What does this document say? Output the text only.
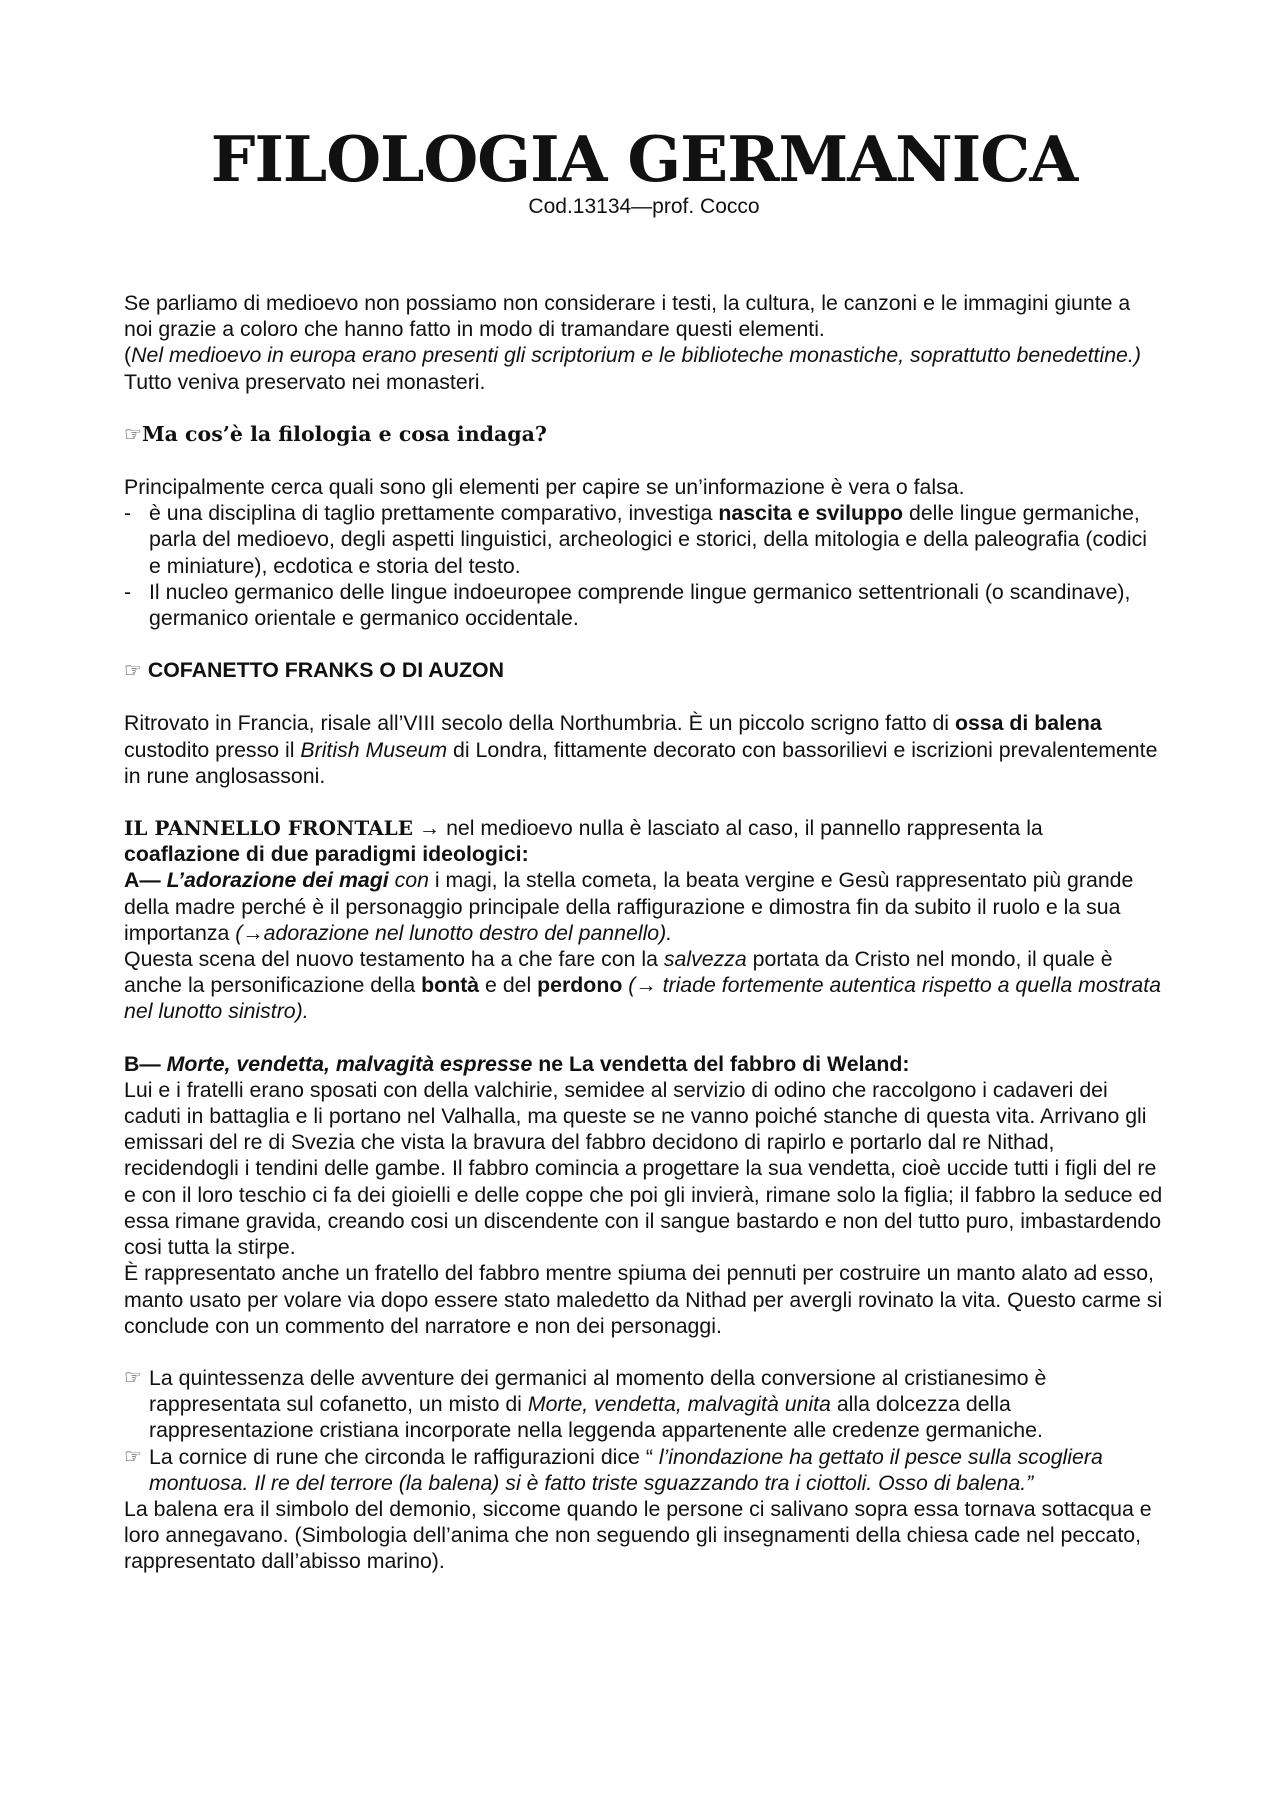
FILOLOGIA GERMANICA

Cod.13134—prof. Cocco

Se parliamo di medioevo non possiamo non considerare i testi, la cultura, le canzoni e le immagini giunte a noi grazie a coloro che hanno fatto in modo di tramandare questi elementi.

(Nel medioevo in europa erano presenti gli scriptorium e le biblioteche monastiche, soprattutto benedettine.) Tutto veniva preservato nei monasteri.

☞Ma cos’è la filologia e cosa indaga?

Principalmente cerca quali sono gli elementi per capire se un’informazione è vera o falsa.

- è una disciplina di taglio prettamente comparativo, investiga nascita e sviluppo delle lingue germaniche, parla del medioevo, degli aspetti linguistici, archeologici e storici, della mitologia e della paleografia (codici e miniature), ecdotica e storia del testo.
- Il nucleo germanico delle lingue indoeuropee comprende lingue germanico settentrionali (o scandinave), germanico orientale e germanico occidentale.

☞ COFANETTO FRANKS O DI AUZON

Ritrovato in Francia, risale all’VIII secolo della Northumbria. È un piccolo scrigno fatto di ossa di balena custodito presso il British Museum di Londra, fittamente decorato con bassorilievi e iscrizioni prevalentemente in rune anglosassoni.

IL PANNELLO FRONTALE → nel medioevo nulla è lasciato al caso, il pannello rappresenta la coaflazione di due paradigmi ideologici:

A— L’adorazione dei magi con i magi, la stella cometa, la beata vergine e Gesù rappresentato più grande della madre perché è il personaggio principale della raffigurazione e dimostra fin da subito il ruolo e la sua importanza (→adorazione nel lunotto destro del pannello).

Questa scena del nuovo testamento ha a che fare con la salvezza portata da Cristo nel mondo, il quale è anche la personificazione della bontà e del perdono (→ triade fortemente autentica rispetto a quella mostrata nel lunotto sinistro).

B— Morte, vendetta, malvagità espresse ne La vendetta del fabbro di Weland:

Lui e i fratelli erano sposati con della valchirie, semidee al servizio di odino che raccolgono i cadaveri dei caduti in battaglia e li portano nel Valhalla, ma queste se ne vanno poiché stanche di questa vita. Arrivano gli emissari del re di Svezia che vista la bravura del fabbro decidono di rapirlo e portarlo dal re Nithad, recidendogli i tendini delle gambe. Il fabbro comincia a progettare la sua vendetta, cioè uccide tutti i figli del re e con il loro teschio ci fa dei gioielli e delle coppe che poi gli invierà, rimane solo la figlia; il fabbro la seduce ed essa rimane gravida, creando cosi un discendente con il sangue bastardo e non del tutto puro, imbastardendo cosi tutta la stirpe.

È rappresentato anche un fratello del fabbro mentre spiuma dei pennuti per costruire un manto alato ad esso, manto usato per volare via dopo essere stato maledetto da Nithad per avergli rovinato la vita. Questo carme si conclude con un commento del narratore e non dei personaggi.

☞ La quintessenza delle avventure dei germanici al momento della conversione al cristianesimo è rappresentata sul cofanetto, un misto di Morte, vendetta, malvagità unita alla dolcezza della rappresentazione cristiana incorporate nella leggenda appartenente alle credenze germaniche.
☞ La cornice di rune che circonda le raffigurazioni dice “ l’inondazione ha gettato il pesce sulla scogliera montuosa. Il re del terrore (la balena) si è fatto triste sguazzando tra i ciottoli. Osso di balena.”

La balena era il simbolo del demonio, siccome quando le persone ci salivano sopra essa tornava sottacqua e loro annegavano. (Simbologia dell’anima che non seguendo gli insegnamenti della chiesa cade nel peccato, rappresentato dall’abisso marino).
